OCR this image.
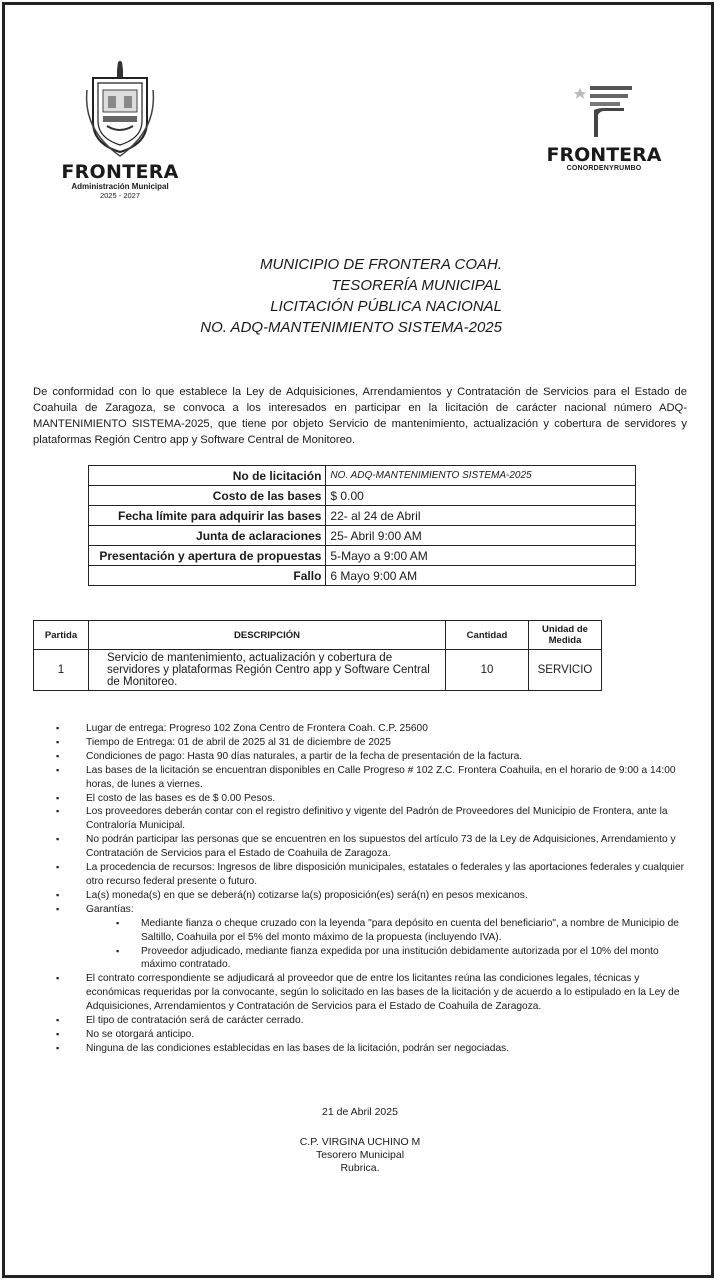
FRONTERA
Administración Municipal
2025 - 2027
FRONTERA
CONORDENYRUMBO
MUNICIPIO DE FRONTERA COAH.
TESORERÍA MUNICIPAL
LICITACIÓN PÚBLICA NACIONAL
NO. ADQ-MANTENIMIENTO SISTEMA-2025
De conformidad con lo que establece la Ley de Adquisiciones, Arrendamientos y Contratación de Servicios para el Estado de Coahuila de Zaragoza, se convoca a los interesados en participar en la licitación de carácter nacional número ADQ-MANTENIMIENTO SISTEMA-2025, que tiene por objeto Servicio de mantenimiento, actualización y cobertura de servidores y plataformas Región Centro app y Software Central de Monitoreo.
No de licitación	NO. ADQ-MANTENIMIENTO SISTEMA-2025
Costo de las bases	$ 0.00
Fecha límite para adquirir las bases	22- al 24 de Abril
Junta de aclaraciones	25- Abril 9:00 AM
Presentación y apertura de propuestas	5-Mayo a 9:00 AM
Fallo	6 Mayo 9:00 AM
Partida	DESCRIPCIÓN	Cantidad	Unidad de Medida
1	Servicio de mantenimiento, actualización y cobertura de servidores y plataformas Región Centro app y Software Central de Monitoreo.	10	SERVICIO
▪ Lugar de entrega: Progreso 102 Zona Centro de Frontera Coah. C.P. 25600
▪ Tiempo de Entrega: 01 de abril de 2025 al 31 de diciembre de 2025
▪ Condiciones de pago: Hasta 90 días naturales, a partir de la fecha de presentación de la factura.
▪ Las bases de la licitación se encuentran disponibles en Calle Progreso # 102 Z.C. Frontera Coahuila, en el horario de 9:00 a 14:00 horas, de lunes a viernes.
▪ El costo de las bases es de $ 0.00 Pesos.
▪ Los proveedores deberán contar con el registro definitivo y vigente del Padrón de Proveedores del Municipio de Frontera, ante la Contraloría Municipal.
▪ No podrán participar las personas que se encuentren en los supuestos del artículo 73 de la Ley de Adquisiciones, Arrendamiento y Contratación de Servicios para el Estado de Coahuila de Zaragoza.
▪ La procedencia de recursos: Ingresos de libre disposición municipales, estatales o federales y las aportaciones federales y cualquier otro recurso federal presente o futuro.
▪ La(s) moneda(s) en que se deberá(n) cotizarse la(s) proposición(es) será(n) en pesos mexicanos.
▪ Garantías:
▪ Mediante fianza o cheque cruzado con la leyenda "para depósito en cuenta del beneficiario", a nombre de Municipio de Saltillo, Coahuila por el 5% del monto máximo de la propuesta (incluyendo IVA).
▪ Proveedor adjudicado, mediante fianza expedida por una institución debidamente autorizada por el 10% del monto máximo contratado.
▪ El contrato correspondiente se adjudicará al proveedor que de entre los licitantes reúna las condiciones legales, técnicas y económicas requeridas por la convocante, según lo solicitado en las bases de la licitación y de acuerdo a lo estipulado en la Ley de Adquisiciones, Arrendamientos y Contratación de Servicios para el Estado de Coahuila de Zaragoza.
▪ El tipo de contratación será de carácter cerrado.
▪ No se otorgará anticipo.
▪ Ninguna de las condiciones establecidas en las bases de la licitación, podrán ser negociadas.
21 de Abril 2025
C.P. VIRGINA UCHINO M
Tesorero Municipal
Rubrica.
